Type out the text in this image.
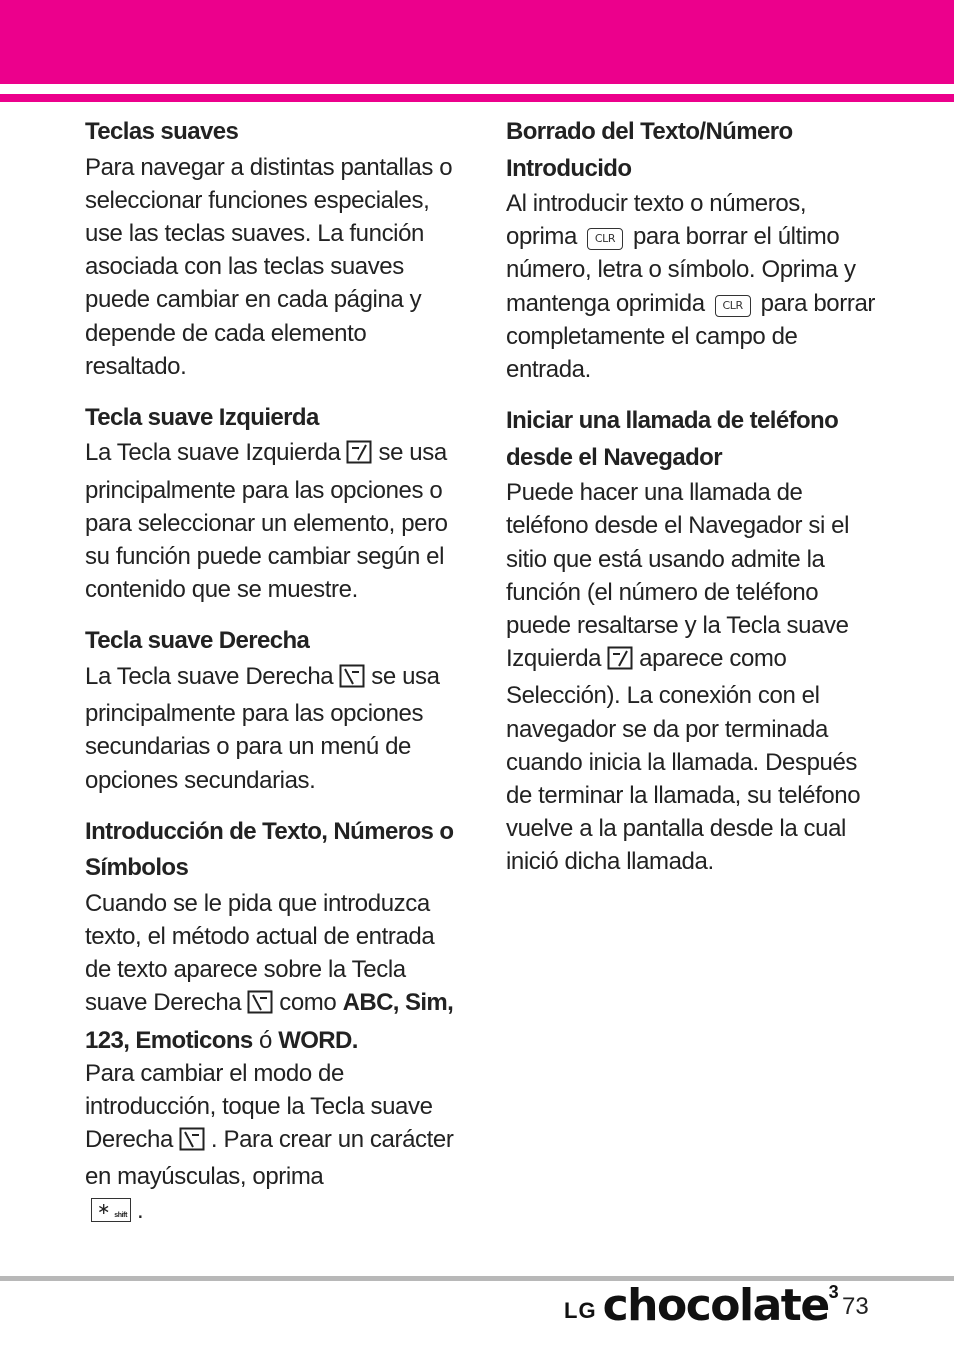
Teclas suaves

Para navegar a distintas pantallas o seleccionar funciones especiales, use las teclas suaves. La función asociada con las teclas suaves puede cambiar en cada página y depende de cada elemento resaltado.

Tecla suave Izquierda

La Tecla suave Izquierda se usa principalmente para las opciones o para seleccionar un elemento, pero su función puede cambiar según el contenido que se muestre.

Tecla suave Derecha

La Tecla suave Derecha se usa principalmente para las opciones secundarias o para un menú de opciones secundarias.

Introducción de Texto, Números o Símbolos

Cuando se le pida que introduzca texto, el método actual de entrada de texto aparece sobre la Tecla suave Derecha como ABC, Sim, 123, Emoticons ó WORD.
Para cambiar el modo de introducción, toque la Tecla suave Derecha . Para crear un carácter en mayúsculas, oprima

∗ shift .

Borrado del Texto/Número Introducido

Al introducir texto o números, oprima CLR para borrar el último número, letra o símbolo. Oprima y mantenga oprimida CLR para borrar completamente el campo de entrada.

Iniciar una llamada de teléfono desde el Navegador

Puede hacer una llamada de teléfono desde el Navegador si el sitio que está usando admite la función (el número de teléfono puede resaltarse y la Tecla suave Izquierda aparece como Selección). La conexión con el navegador se da por terminada cuando inicia la llamada. Después de terminar la llamada, su teléfono vuelve a la pantalla desde la cual inició dicha llamada.

LG chocolate3
73
